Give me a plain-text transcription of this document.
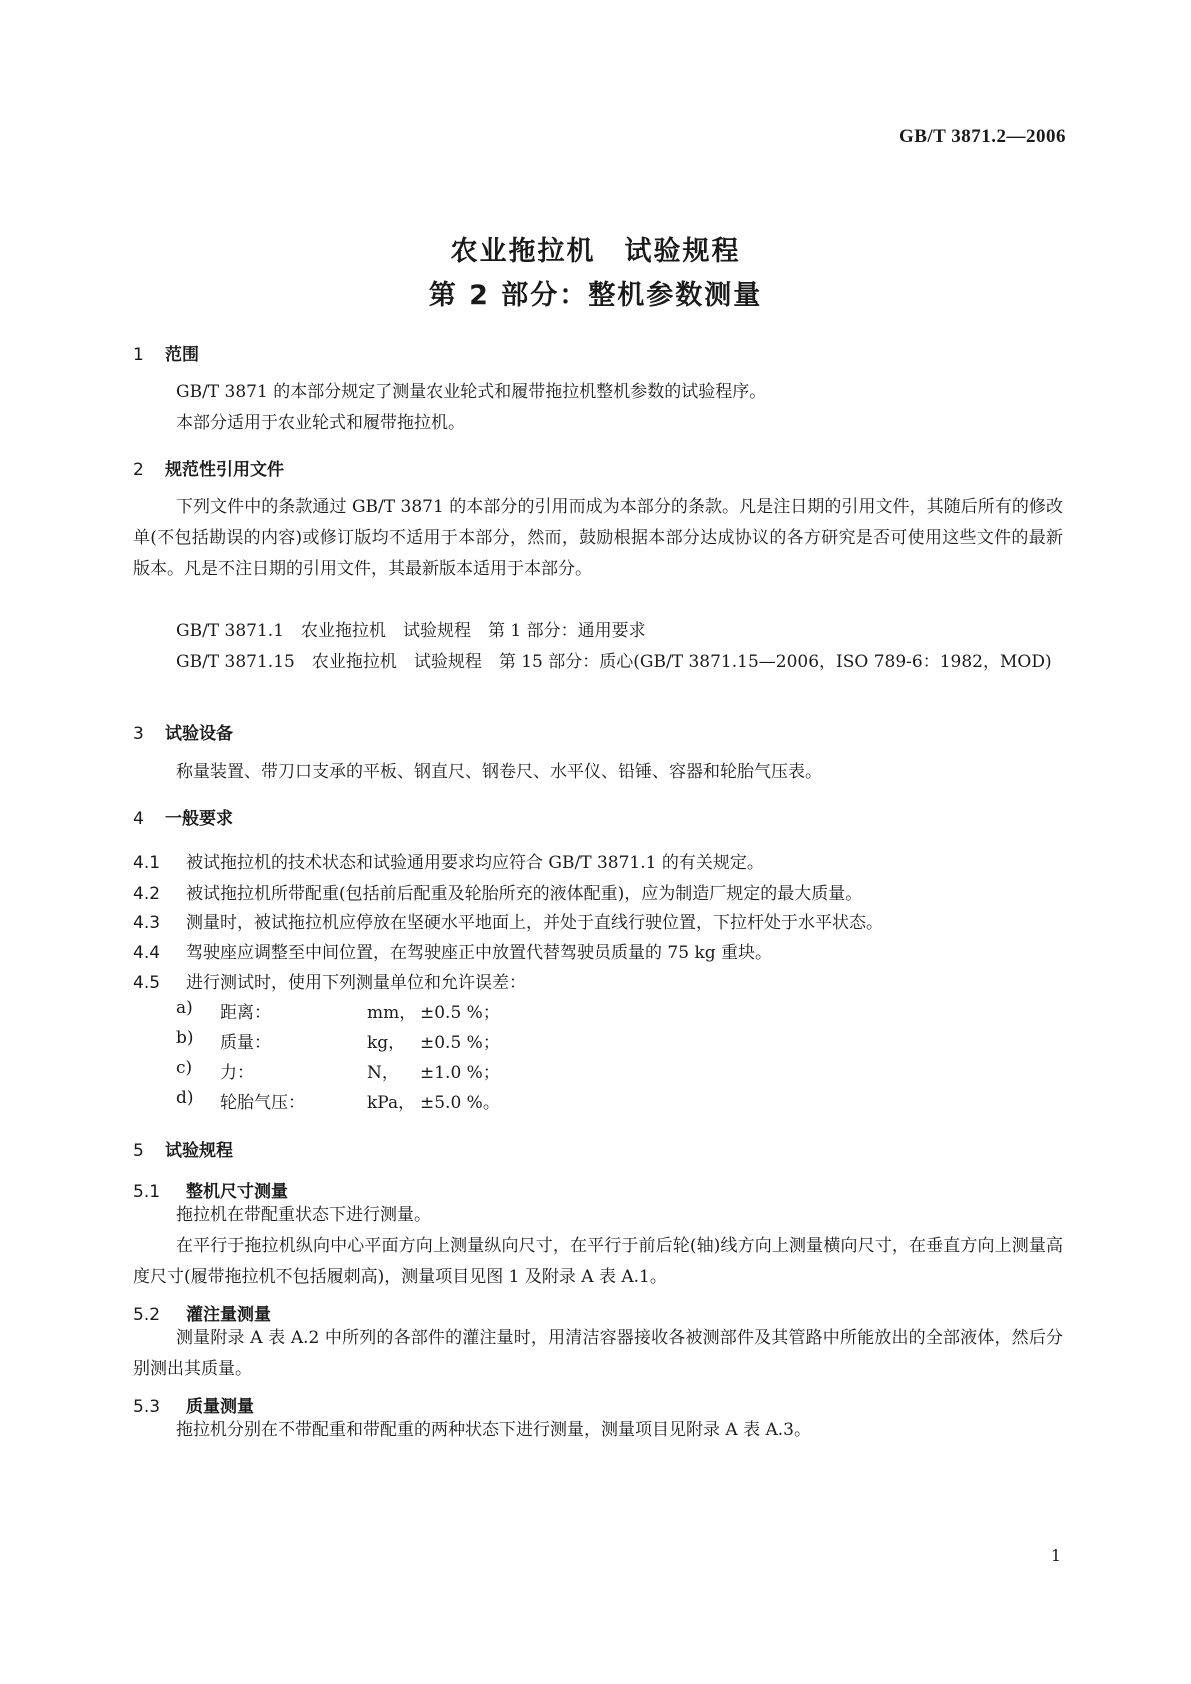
GB/T 3871.2—2006
农业拖拉机　试验规程
第 2 部分：整机参数测量
1 范围
GB/T 3871 的本部分规定了测量农业轮式和履带拖拉机整机参数的试验程序。
本部分适用于农业轮式和履带拖拉机。
2 规范性引用文件
下列文件中的条款通过 GB/T 3871 的本部分的引用而成为本部分的条款。凡是注日期的引用文件，其随后所有的修改单(不包括勘误的内容)或修订版均不适用于本部分，然而，鼓励根据本部分达成协议的各方研究是否可使用这些文件的最新版本。凡是不注日期的引用文件，其最新版本适用于本部分。
GB/T 3871.1　农业拖拉机　试验规程　第 1 部分：通用要求
GB/T 3871.15　农业拖拉机　试验规程　第 15 部分：质心(GB/T 3871.15—2006，ISO 789-6：1982，MOD)
3 试验设备
称量装置、带刀口支承的平板、钢直尺、钢卷尺、水平仪、铅锤、容器和轮胎气压表。
4 一般要求
4.1 被试拖拉机的技术状态和试验通用要求均应符合 GB/T 3871.1 的有关规定。
4.2 被试拖拉机所带配重(包括前后配重及轮胎所充的液体配重)，应为制造厂规定的最大质量。
4.3 测量时，被试拖拉机应停放在坚硬水平地面上，并处于直线行驶位置，下拉杆处于水平状态。
4.4 驾驶座应调整至中间位置，在驾驶座正中放置代替驾驶员质量的 75 kg 重块。
4.5 进行测试时，使用下列测量单位和允许误差：
a) 距离：	mm， ±0.5 %；
b) 质量：	kg， ±0.5 %；
c) 力：	N， ±1.0 %；
d) 轮胎气压：	kPa， ±5.0 %。
5 试验规程
5.1 整机尺寸测量
拖拉机在带配重状态下进行测量。
在平行于拖拉机纵向中心平面方向上测量纵向尺寸，在平行于前后轮(轴)线方向上测量横向尺寸，在垂直方向上测量高度尺寸(履带拖拉机不包括履刺高)，测量项目见图 1 及附录 A 表 A.1。
5.2 灌注量测量
测量附录 A 表 A.2 中所列的各部件的灌注量时，用清洁容器接收各被测部件及其管路中所能放出的全部液体，然后分别测出其质量。
5.3 质量测量
拖拉机分别在不带配重和带配重的两种状态下进行测量，测量项目见附录 A 表 A.3。
1
